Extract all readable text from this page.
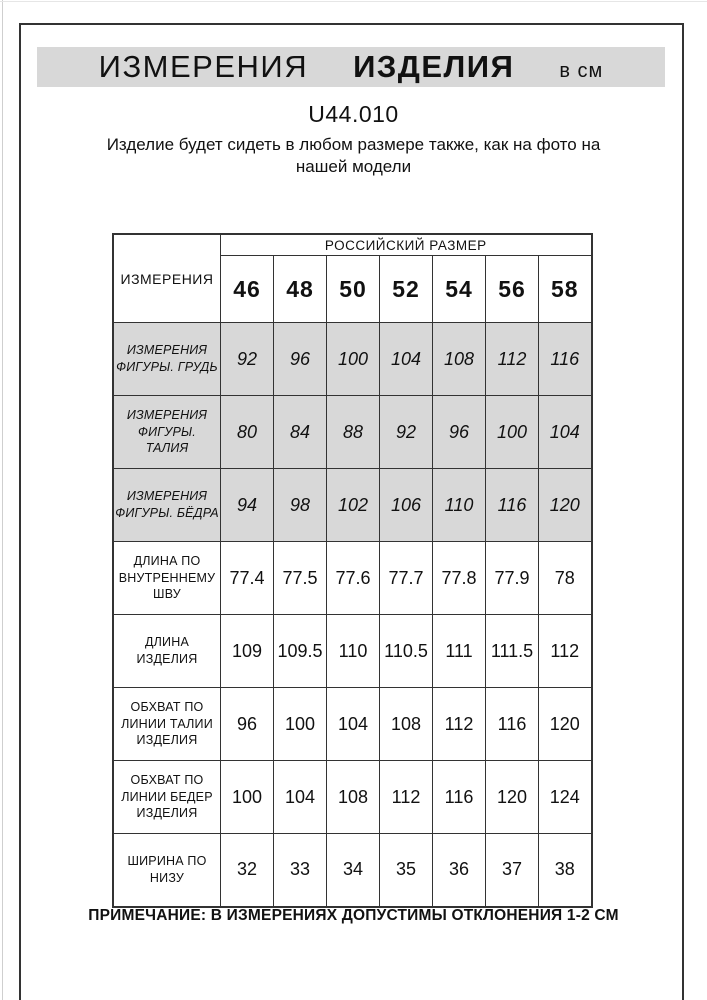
ИЗМЕРЕНИЯ ИЗДЕЛИЯ в см
U44.010
Изделие будет сидеть в любом размере также, как на фото на нашей модели
ИЗМЕРЕНИЯ	РОССИЙСКИЙ РАЗМЕР						
	46	48	50	52	54	56	58
ИЗМЕРЕНИЯ ФИГУРЫ. ГРУДЬ	92	96	100	104	108	112	116
ИЗМЕРЕНИЯ ФИГУРЫ. ТАЛИЯ	80	84	88	92	96	100	104
ИЗМЕРЕНИЯ ФИГУРЫ. БЁДРА	94	98	102	106	110	116	120
ДЛИНА ПО ВНУТРЕННЕМУ ШВУ	77.4	77.5	77.6	77.7	77.8	77.9	78
ДЛИНА ИЗДЕЛИЯ	109	109.5	110	110.5	111	111.5	112
ОБХВАТ ПО ЛИНИИ ТАЛИИ ИЗДЕЛИЯ	96	100	104	108	112	116	120
ОБХВАТ ПО ЛИНИИ БЕДЕР ИЗДЕЛИЯ	100	104	108	112	116	120	124
ШИРИНА ПО НИЗУ	32	33	34	35	36	37	38
ПРИМЕЧАНИЕ: В ИЗМЕРЕНИЯХ ДОПУСТИМЫ ОТКЛОНЕНИЯ 1-2 СМ
